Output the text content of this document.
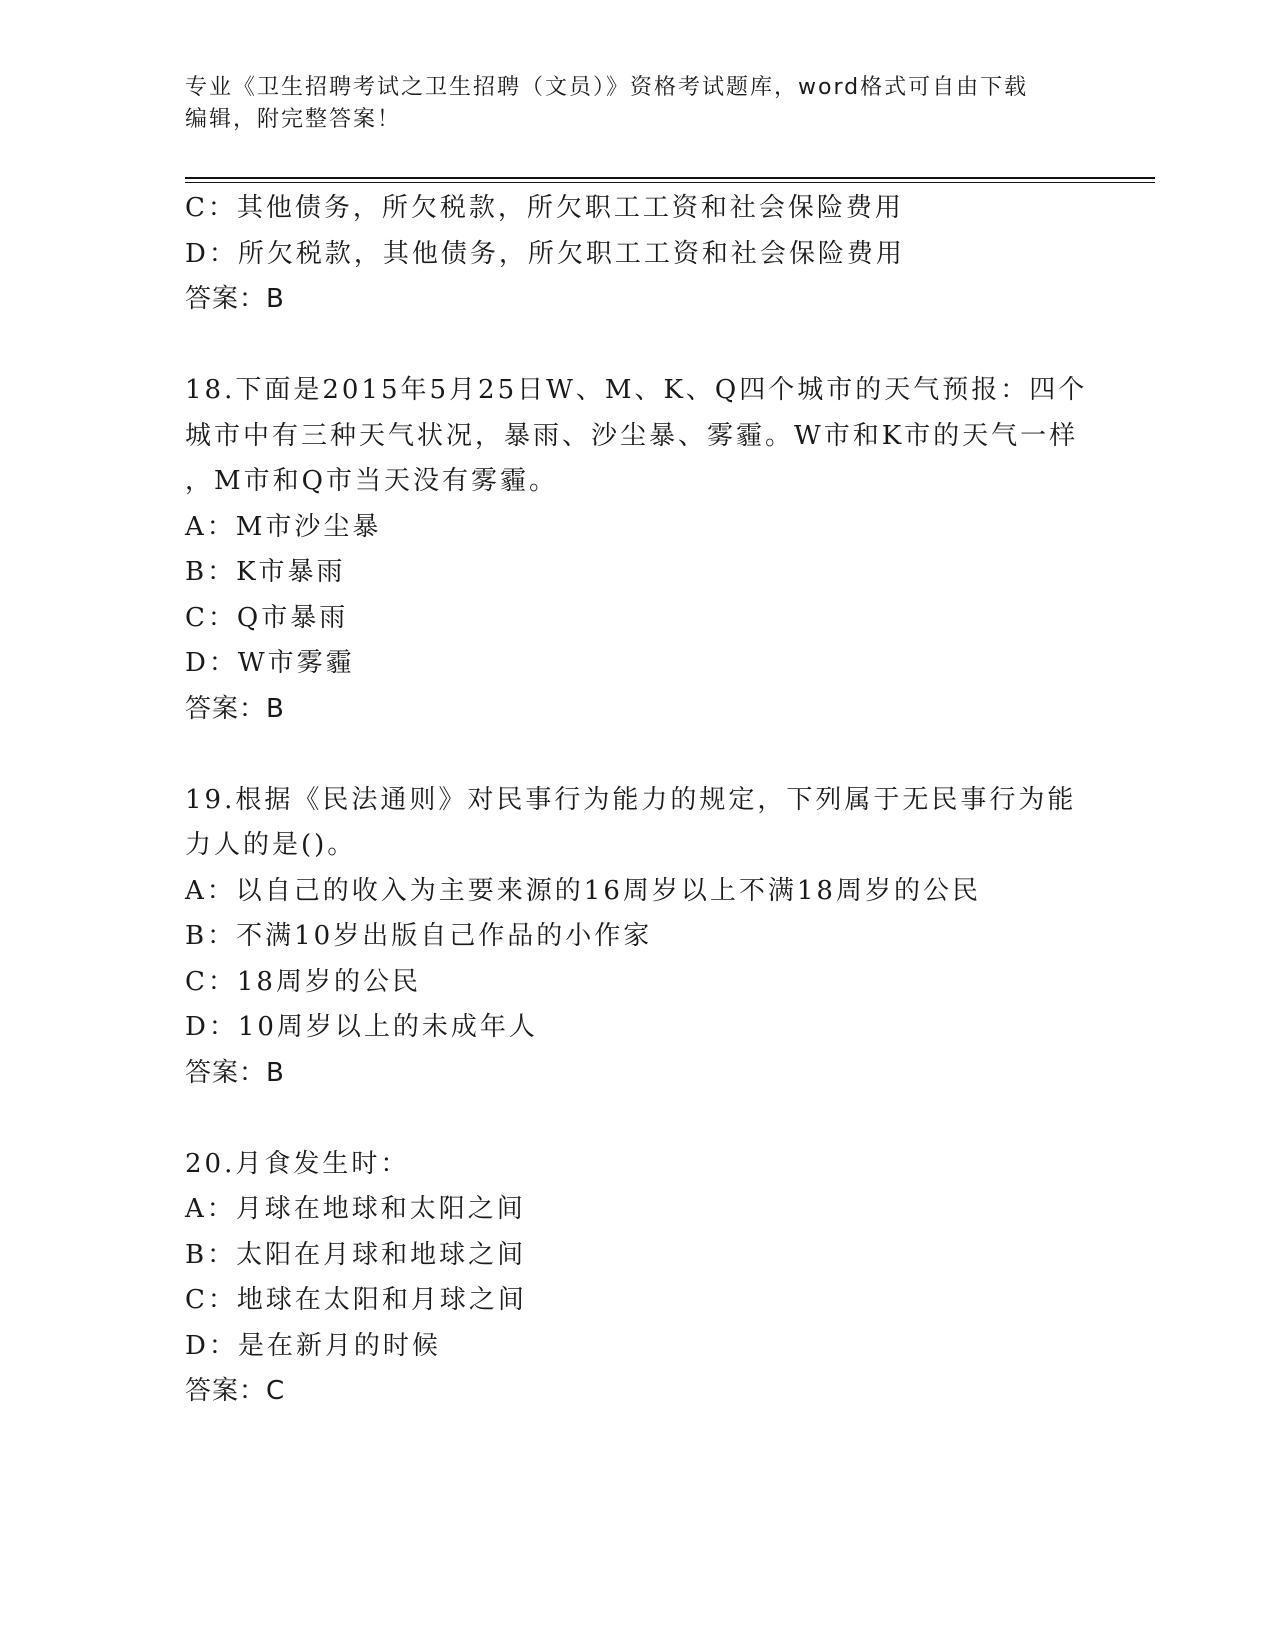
专业《卫生招聘考试之卫生招聘（文员）》资格考试题库，word格式可自由下载
编辑，附完整答案！
C：其他债务，所欠税款，所欠职工工资和社会保险费用
D：所欠税款，其他债务，所欠职工工资和社会保险费用
答案：B
18.下面是2015年5月25日W、M、K、Q四个城市的天气预报：四个
城市中有三种天气状况，暴雨、沙尘暴、雾霾。W市和K市的天气一样
，M市和Q市当天没有雾霾。
A：M市沙尘暴
B：K市暴雨
C：Q市暴雨
D：W市雾霾
答案：B
19.根据《民法通则》对民事行为能力的规定，下列属于无民事行为能
力人的是()。
A：以自己的收入为主要来源的16周岁以上不满18周岁的公民
B：不满10岁出版自己作品的小作家
C：18周岁的公民
D：10周岁以上的未成年人
答案：B
20.月食发生时：
A：月球在地球和太阳之间
B：太阳在月球和地球之间
C：地球在太阳和月球之间
D：是在新月的时候
答案：C
